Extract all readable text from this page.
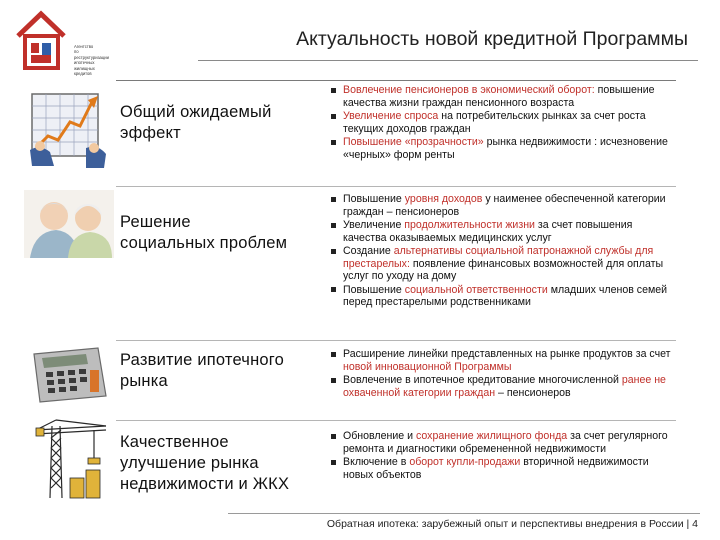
Агентство
по реструктуризации
ипотечных жилищных
кредитов
Актуальность новой кредитной Программы
Общий ожидаемый
эффект
Вовлечение пенсионеров в экономический оборот: повышение качества жизни граждан пенсионного возраста
Увеличение спроса на потребительских рынках за счет роста текущих доходов граждан
Повышение «прозрачности» рынка недвижимости : исчезновение «черных» форм ренты
Решение
социальных проблем
Повышение уровня доходов у наименее обеспеченной категории граждан – пенсионеров
Увеличение продолжительности жизни за счет повышения качества оказываемых медицинских услуг
Создание альтернативы социальной патронажной службы для престарелых: появление финансовых возможностей для оплаты услуг по уходу на дому
Повышение социальной ответственности младших членов семей перед престарелыми родственниками
Развитие ипотечного
рынка
Расширение линейки представленных на рынке продуктов за счет новой инновационной Программы
Вовлечение в ипотечное кредитование многочисленной ранее не охваченной категории граждан – пенсионеров
Качественное
улучшение рынка
недвижимости и ЖКХ
Обновление и сохранение жилищного фонда за счет регулярного ремонта и диагностики обремененной недвижимости
Включение в оборот купли-продажи вторичной недвижимости новых объектов
Обратная ипотека: зарубежный опыт и перспективы внедрения в России | 4
